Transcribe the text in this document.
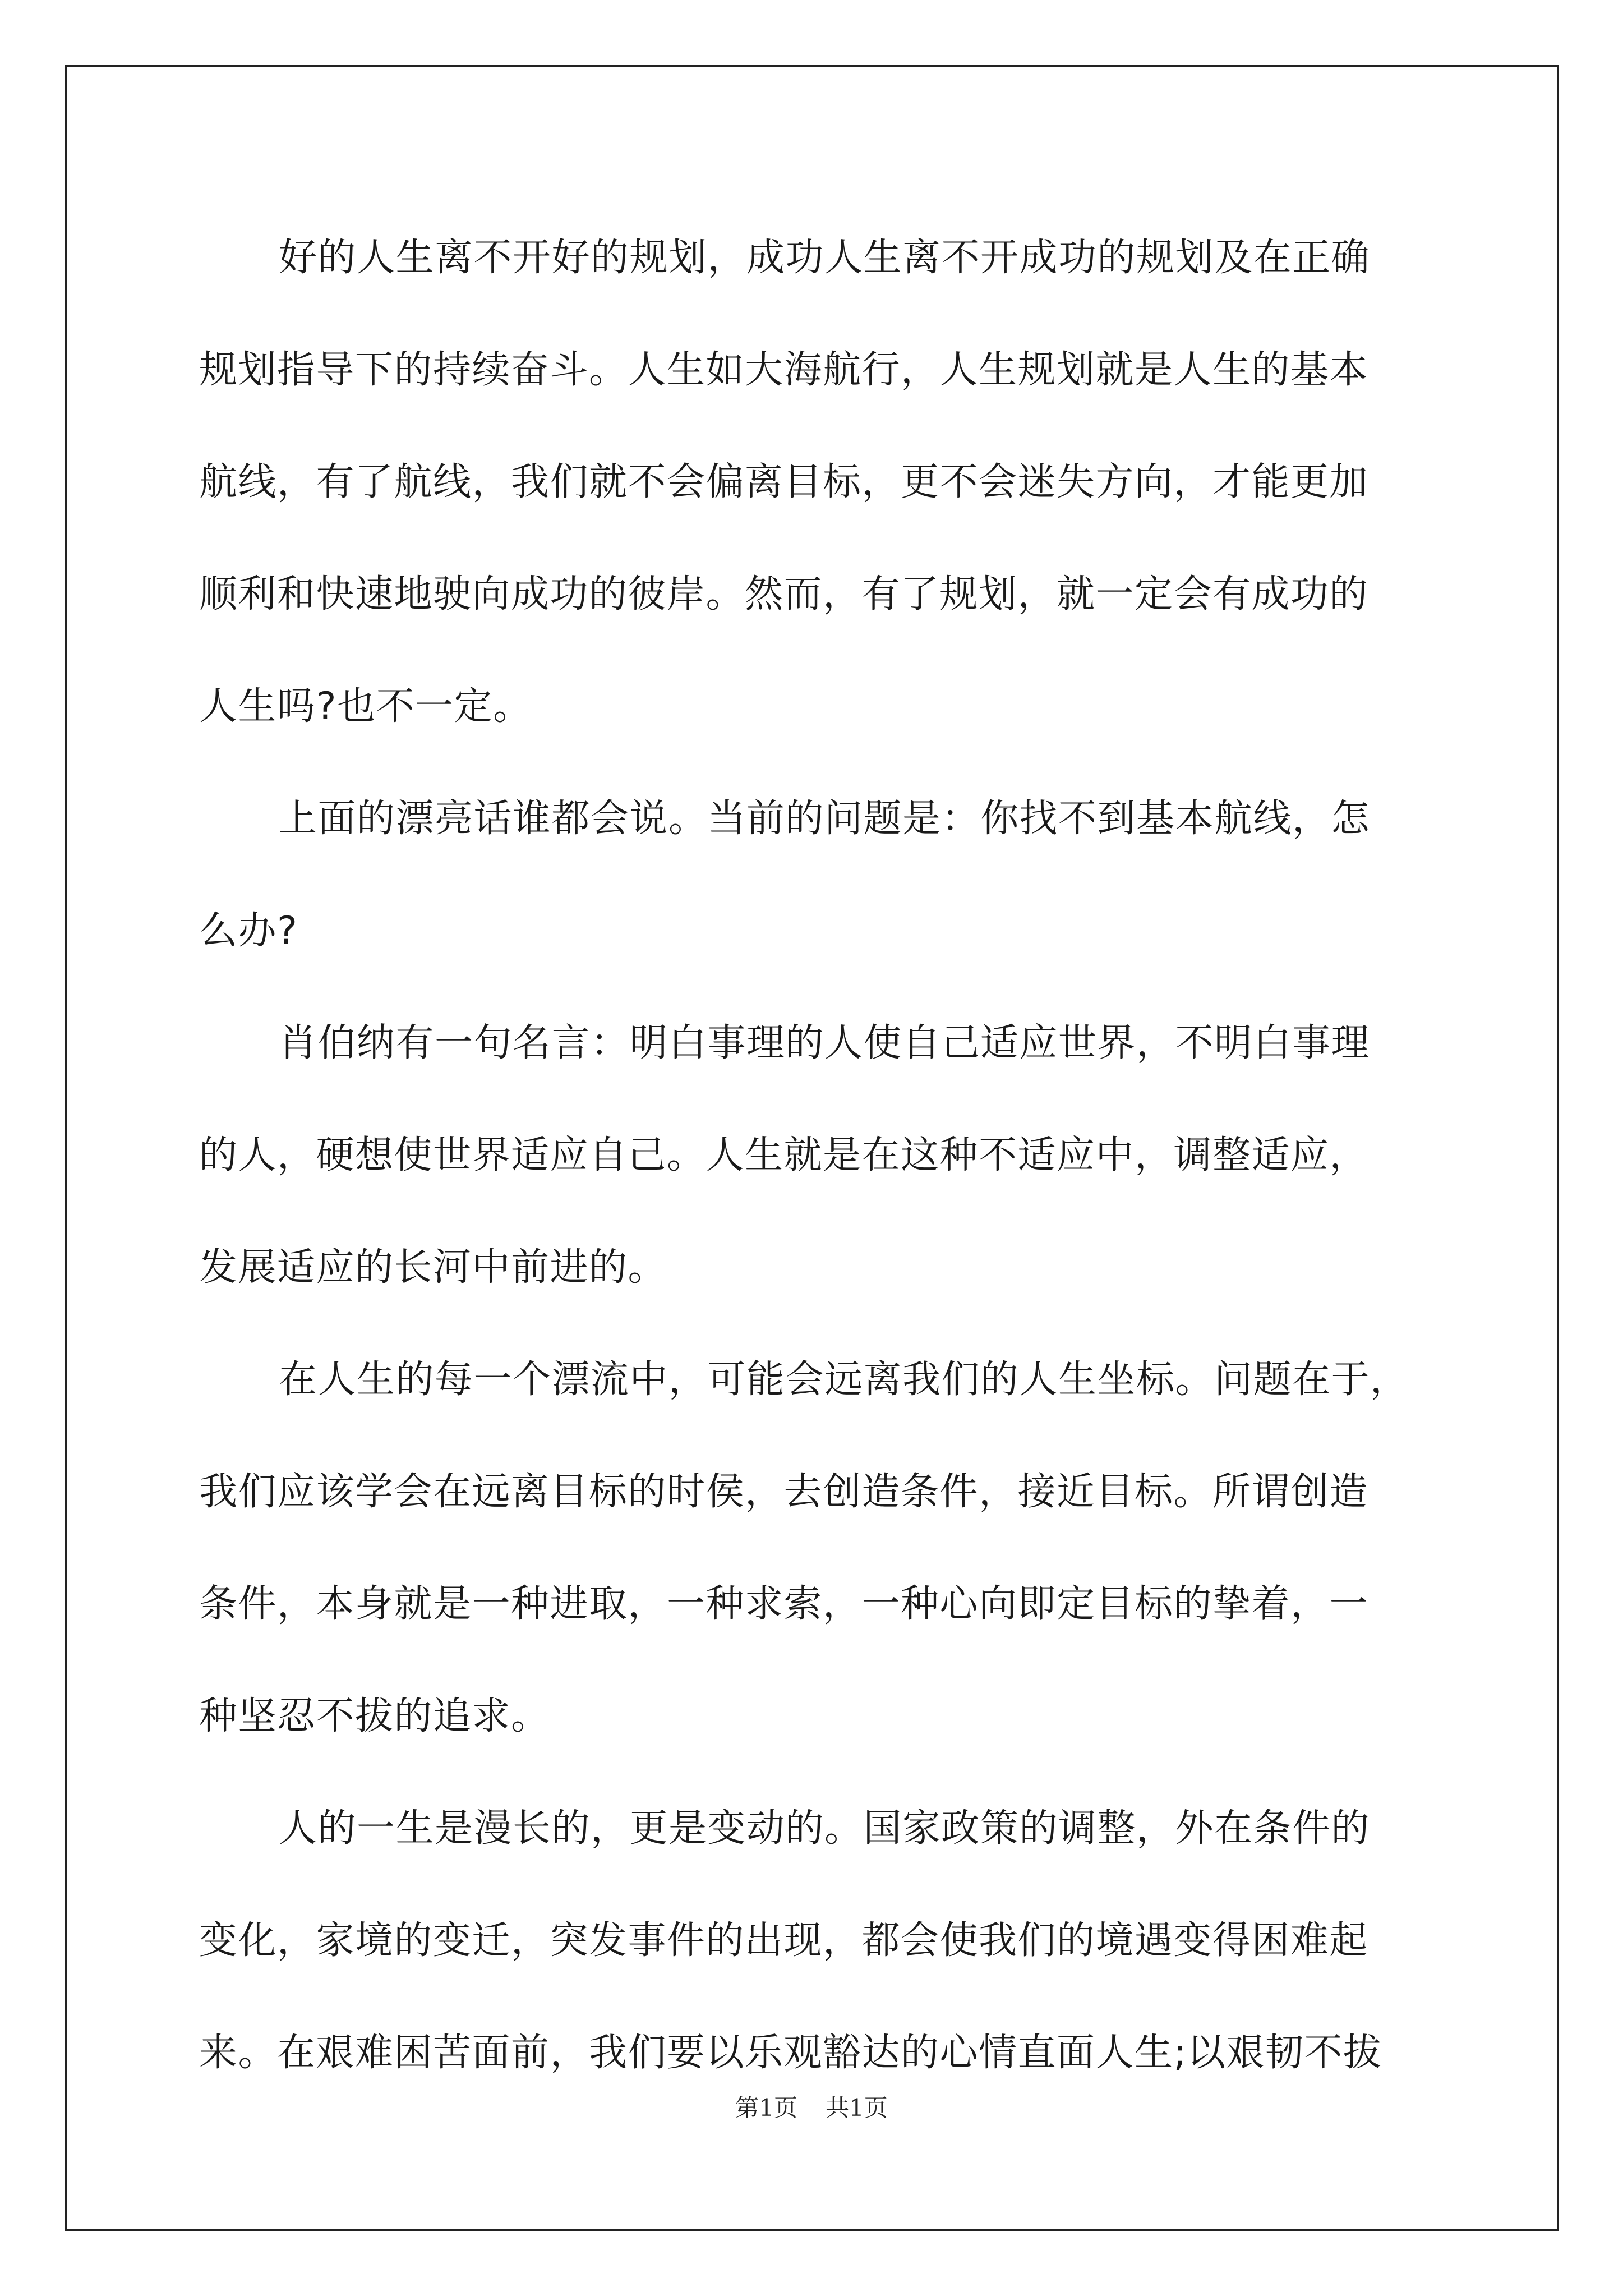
好的人生离不开好的规划，成功人生离不开成功的规划及在正确
规划指导下的持续奋斗。人生如大海航行，人生规划就是人生的基本
航线，有了航线，我们就不会偏离目标，更不会迷失方向，才能更加
顺利和快速地驶向成功的彼岸。然而，有了规划，就一定会有成功的
人生吗?也不一定。
上面的漂亮话谁都会说。当前的问题是：你找不到基本航线，怎
么办?
肖伯纳有一句名言：明白事理的人使自己适应世界，不明白事理
的人，硬想使世界适应自己。人生就是在这种不适应中，调整适应，
发展适应的长河中前进的。
在人生的每一个漂流中，可能会远离我们的人生坐标。问题在于，
我们应该学会在远离目标的时侯，去创造条件，接近目标。所谓创造
条件，本身就是一种进取，一种求索，一种心向即定目标的挚着，一
种坚忍不拔的追求。
人的一生是漫长的，更是变动的。国家政策的调整，外在条件的
变化，家境的变迁，突发事件的出现，都会使我们的境遇变得困难起
来。在艰难困苦面前，我们要以乐观豁达的心情直面人生;以艰韧不拔
第1页 共1页
